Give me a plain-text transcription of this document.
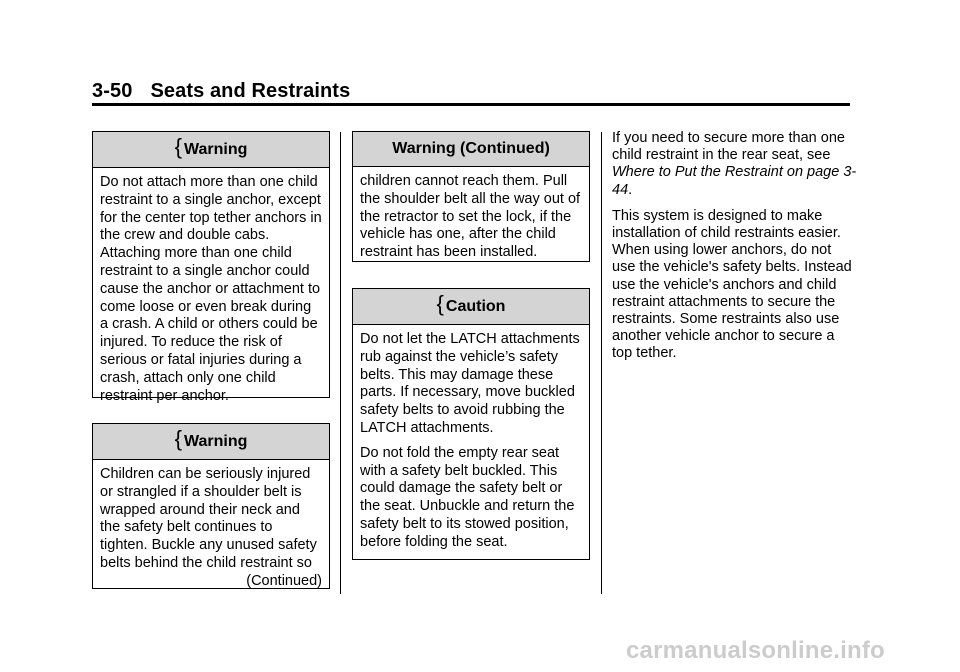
3-50 Seats and Restraints
{ Warning

Do not attach more than one child restraint to a single anchor, except for the center top tether anchors in the crew and double cabs. Attaching more than one child restraint to a single anchor could cause the anchor or attachment to come loose or even break during a crash. A child or others could be injured. To reduce the risk of serious or fatal injuries during a crash, attach only one child restraint per anchor.

{ Warning

Children can be seriously injured or strangled if a shoulder belt is wrapped around their neck and the safety belt continues to tighten. Buckle any unused safety belts behind the child restraint so

(Continued)

Warning (Continued)

children cannot reach them. Pull the shoulder belt all the way out of the retractor to set the lock, if the vehicle has one, after the child restraint has been installed.

{ Caution

Do not let the LATCH attachments rub against the vehicle’s safety belts. This may damage these parts. If necessary, move buckled safety belts to avoid rubbing the LATCH attachments.

Do not fold the empty rear seat with a safety belt buckled. This could damage the safety belt or the seat. Unbuckle and return the safety belt to its stowed position, before folding the seat.

If you need to secure more than one child restraint in the rear seat, see Where to Put the Restraint on page 3-44.

This system is designed to make installation of child restraints easier. When using lower anchors, do not use the vehicle's safety belts. Instead use the vehicle's anchors and child restraint attachments to secure the restraints. Some restraints also use another vehicle anchor to secure a top tether.

carmanualsonline.info
